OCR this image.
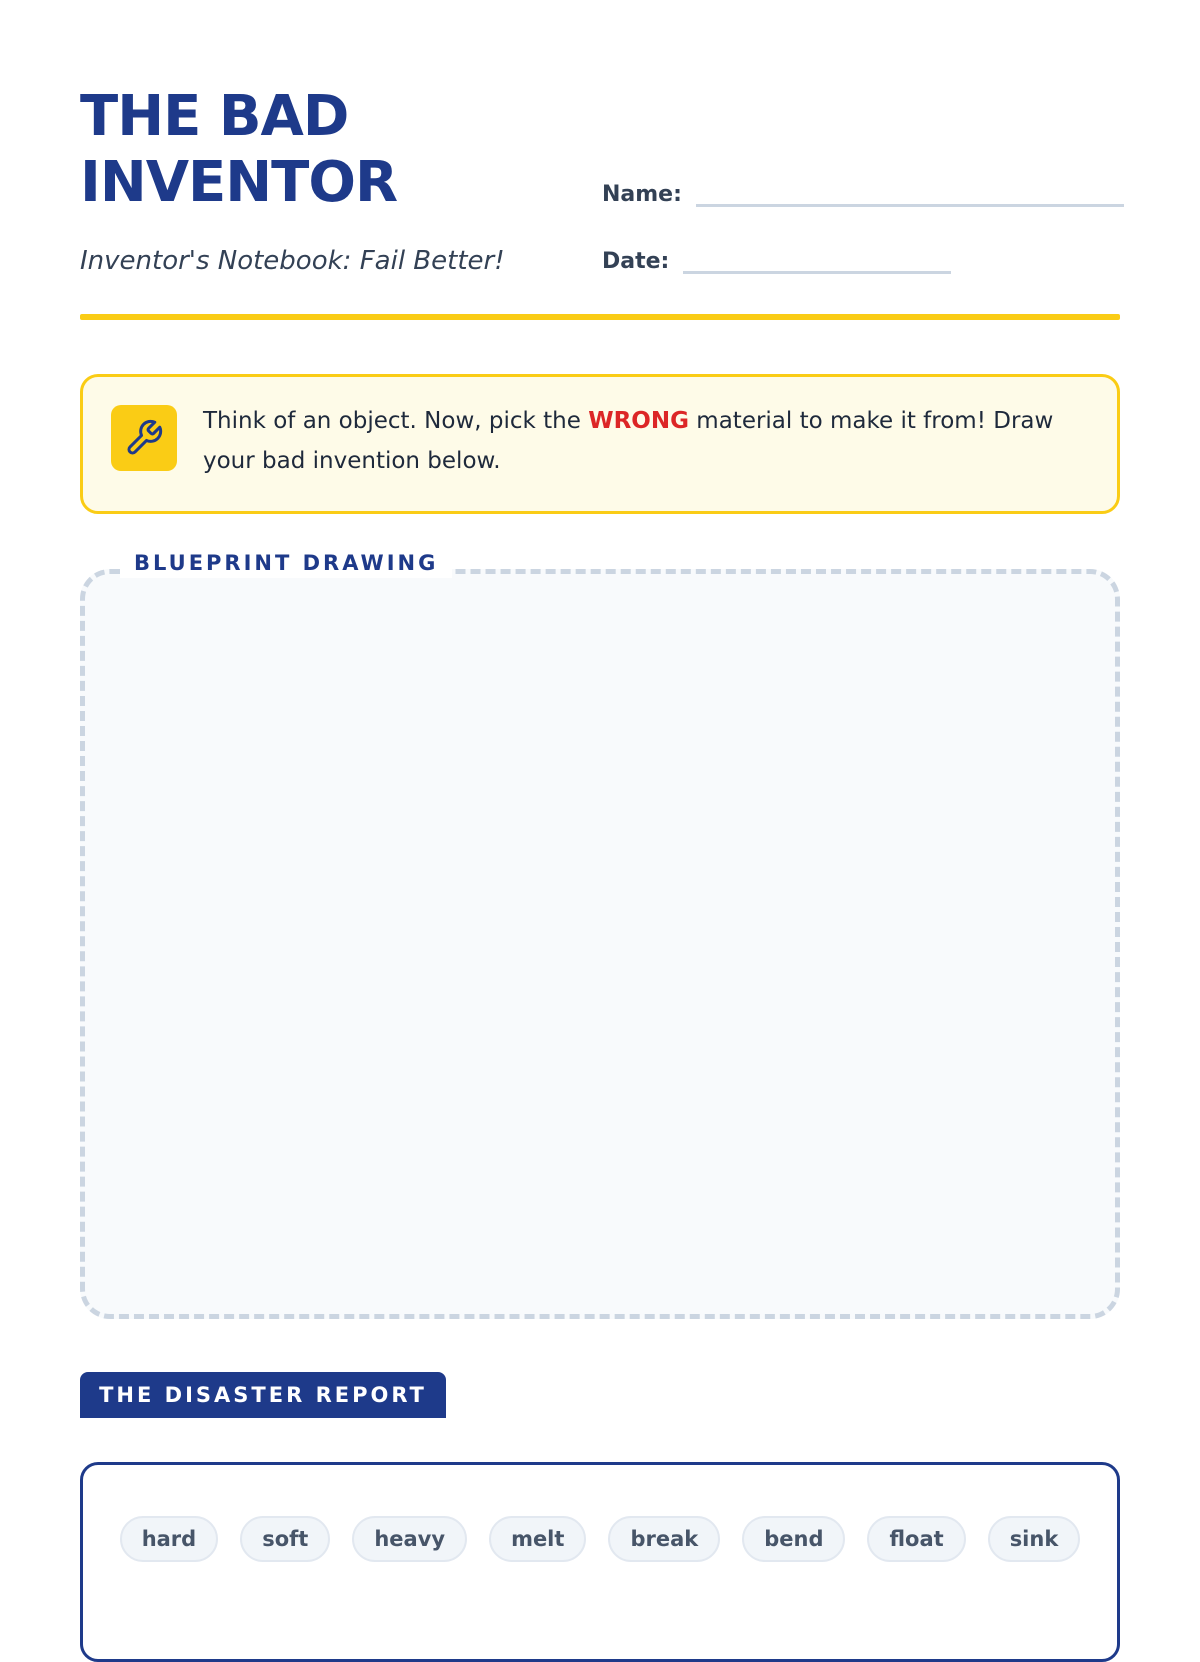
THE BAD
INVENTOR
Inventor's Notebook: Fail Better!
Name:
Date:
Think of an object. Now, pick the WRONG material to make it from! Draw your bad invention below.
BLUEPRINT DRAWING
THE DISASTER REPORT
hard	soft	heavy	melt	break	bend	float	sink
